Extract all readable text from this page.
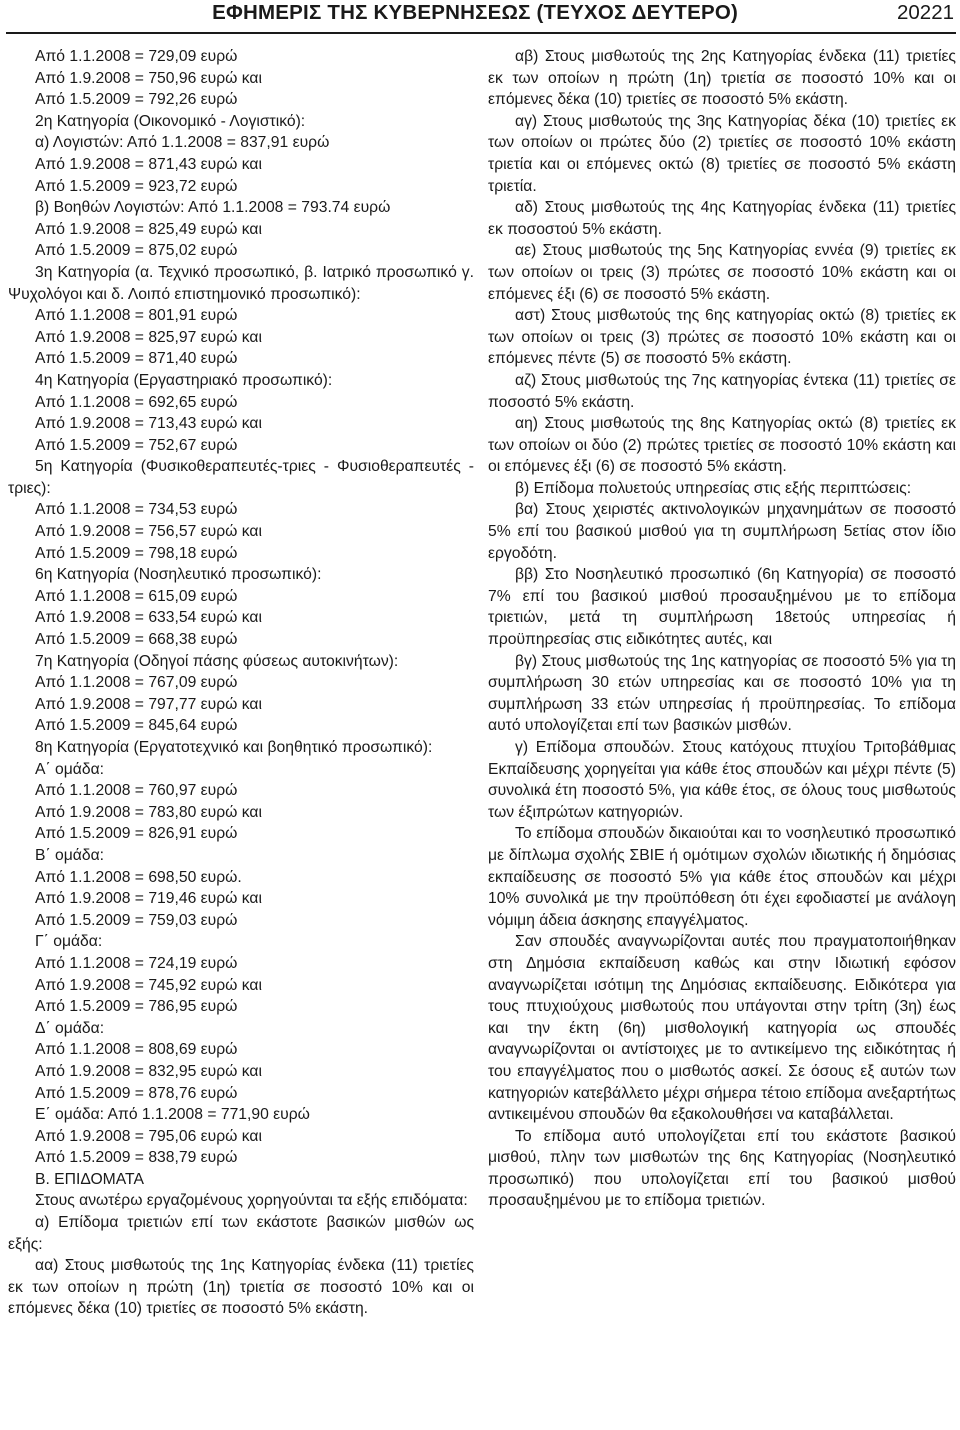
ΕΦΗΜΕΡΙΣ ΤΗΣ ΚΥΒΕΡΝΗΣΕΩΣ (ΤΕΥΧΟΣ ΔΕΥΤΕΡΟ)	20221

Από 1.1.2008 = 729,09 ευρώ

Από 1.9.2008 = 750,96 ευρώ και

Από 1.5.2009 = 792,26 ευρώ

2η Κατηγορία (Οικονομικό - Λογιστικό):

α) Λογιστών: Από 1.1.2008 = 837,91 ευρώ

Από 1.9.2008 = 871,43 ευρώ και

Από 1.5.2009 = 923,72 ευρώ

β) Βοηθών Λογιστών: Από 1.1.2008 = 793.74 ευρώ

Από 1.9.2008 = 825,49 ευρώ και

Από 1.5.2009 = 875,02 ευρώ

3η Κατηγορία (α. Τεχνικό προσωπικό, β. Ιατρικό προσωπικό γ. Ψυχολόγοι και δ. Λοιπό επιστημονικό προσωπικό):

Από 1.1.2008 = 801,91 ευρώ

Από 1.9.2008 = 825,97 ευρώ και

Από 1.5.2009 = 871,40 ευρώ

4η Κατηγορία (Εργαστηριακό προσωπικό):

Από 1.1.2008 = 692,65 ευρώ

Από 1.9.2008 = 713,43 ευρώ και

Από 1.5.2009 = 752,67 ευρώ

5η Κατηγορία (Φυσικοθεραπευτές-τριες - Φυσιοθεραπευτές - τριες):

Από 1.1.2008 = 734,53 ευρώ

Από 1.9.2008 = 756,57 ευρώ και

Από 1.5.2009 = 798,18 ευρώ

6η Κατηγορία (Νοσηλευτικό προσωπικό):

Από 1.1.2008 = 615,09 ευρώ

Από 1.9.2008 = 633,54 ευρώ και

Από 1.5.2009 = 668,38 ευρώ

7η Κατηγορία (Οδηγοί πάσης φύσεως αυτοκινήτων):

Από 1.1.2008 = 767,09 ευρώ

Από 1.9.2008 = 797,77 ευρώ και

Από 1.5.2009 = 845,64 ευρώ

8η Κατηγορία (Εργατοτεχνικό και βοηθητικό προσωπικό):

Α΄ ομάδα:

Από 1.1.2008 = 760,97 ευρώ

Από 1.9.2008 = 783,80 ευρώ και

Από 1.5.2009 = 826,91 ευρώ

Β΄ ομάδα:

Από 1.1.2008 = 698,50 ευρώ.

Από 1.9.2008 = 719,46 ευρώ και

Από 1.5.2009 = 759,03 ευρώ

Γ΄ ομάδα:

Από 1.1.2008 = 724,19 ευρώ

Από 1.9.2008 = 745,92 ευρώ και

Από 1.5.2009 = 786,95 ευρώ

Δ΄ ομάδα:

Από 1.1.2008 = 808,69 ευρώ

Από 1.9.2008 = 832,95 ευρώ και

Από 1.5.2009 = 878,76 ευρώ

Ε΄ ομάδα: Από 1.1.2008 = 771,90 ευρώ

Από 1.9.2008 = 795,06 ευρώ και

Από 1.5.2009 = 838,79 ευρώ

Β. ΕΠΙΔΟΜΑΤΑ

Στους ανωτέρω εργαζομένους χορηγούνται τα εξής επιδόματα:

α) Επίδομα τριετιών επί των εκάστοτε βασικών μισθών ως εξής:

αα) Στους μισθωτούς της 1ης Κατηγορίας ένδεκα (11) τριετίες εκ των οποίων η πρώτη (1η) τριετία σε ποσοστό 10% και οι επόμενες δέκα (10) τριετίες σε ποσοστό 5% εκάστη.

αβ) Στους μισθωτούς της 2ης Κατηγορίας ένδεκα (11) τριετίες εκ των οποίων η πρώτη (1η) τριετία σε ποσοστό 10% και οι επόμενες δέκα (10) τριετίες σε ποσοστό 5% εκάστη.

αγ) Στους μισθωτούς της 3ης Κατηγορίας δέκα (10) τριετίες εκ των οποίων οι πρώτες δύο (2) τριετίες σε ποσοστό 10% εκάστη τριετία και οι επόμενες οκτώ (8) τριετίες σε ποσοστό 5% εκάστη τριετία.

αδ) Στους μισθωτούς της 4ης Κατηγορίας ένδεκα (11) τριετίες εκ ποσοστού 5% εκάστη.

αε) Στους μισθωτούς της 5ης Κατηγορίας εννέα (9) τριετίες εκ των οποίων οι τρεις (3) πρώτες σε ποσοστό 10% εκάστη και οι επόμενες έξι (6) σε ποσοστό 5% εκάστη.

αστ) Στους μισθωτούς της 6ης κατηγορίας οκτώ (8) τριετίες εκ των οποίων οι τρεις (3) πρώτες σε ποσοστό 10% εκάστη και οι επόμενες πέντε (5) σε ποσοστό 5% εκάστη.

αζ) Στους μισθωτούς της 7ης κατηγορίας έντεκα (11) τριετίες σε ποσοστό 5% εκάστη.

αη) Στους μισθωτούς της 8ης Κατηγορίας οκτώ (8) τριετίες εκ των οποίων οι δύο (2) πρώτες τριετίες σε ποσοστό 10% εκάστη και οι επόμενες έξι (6) σε ποσοστό 5% εκάστη.

β) Επίδομα πολυετούς υπηρεσίας στις εξής περιπτώσεις:

βα) Στους χειριστές ακτινολογικών μηχανημάτων σε ποσοστό 5% επί του βασικού μισθού για τη συμπλήρωση 5ετίας στον ίδιο εργοδότη.

ββ) Στο Νοσηλευτικό προσωπικό (6η Κατηγορία) σε ποσοστό 7% επί του βασικού μισθού προσαυξημένου με το επίδομα τριετιών, μετά τη συμπλήρωση 18ετούς υπηρεσίας ή προϋπηρεσίας στις ειδικότητες αυτές, και

βγ) Στους μισθωτούς της 1ης κατηγορίας σε ποσοστό 5% για τη συμπλήρωση 30 ετών υπηρεσίας και σε ποσοστό 10% για τη συμπλήρωση 33 ετών υπηρεσίας ή προϋπηρεσίας. Το επίδομα αυτό υπολογίζεται επί των βασικών μισθών.

γ) Επίδομα σπουδών. Στους κατόχους πτυχίου Τριτοβάθμιας Εκπαίδευσης χορηγείται για κάθε έτος σπουδών και μέχρι πέντε (5) συνολικά έτη ποσοστό 5%, για κάθε έτος, σε όλους τους μισθωτούς των έξιπρώτων κατηγοριών.

Το επίδομα σπουδών δικαιούται και το νοσηλευτικό προσωπικό με δίπλωμα σχολής ΣΒΙΕ ή ομότιμων σχολών ιδιωτικής ή δημόσιας εκπαίδευσης σε ποσοστό 5% για κάθε έτος σπουδών και μέχρι 10% συνολικά με την προϋπόθεση ότι έχει εφοδιαστεί με ανάλογη νόμιμη άδεια άσκησης επαγγέλματος.

Σαν σπουδές αναγνωρίζονται αυτές που πραγματοποιήθηκαν στη Δημόσια εκπαίδευση καθώς και στην Ιδιωτική εφόσον αναγνωρίζεται ισότιμη της Δημόσιας εκπαίδευσης. Ειδικότερα για τους πτυχιούχους μισθωτούς που υπάγονται στην τρίτη (3η) έως και την έκτη (6η) μισθολογική κατηγορία ως σπουδές αναγνωρίζονται οι αντίστοιχες με το αντικείμενο της ειδικότητας ή του επαγγέλματος που ο μισθωτός ασκεί. Σε όσους εξ αυτών των κατηγοριών κατεβάλλετο μέχρι σήμερα τέτοιο επίδομα ανεξαρτήτως αντικειμένου σπουδών θα εξακολουθήσει να καταβάλλεται.

Το επίδομα αυτό υπολογίζεται επί του εκάστοτε βασικού μισθού, πλην των μισθωτών της 6ης Κατηγορίας (Νοσηλευτικό προσωπικό) που υπολογίζεται επί του βασικού μισθού προσαυξημένου με το επίδομα τριετιών.
